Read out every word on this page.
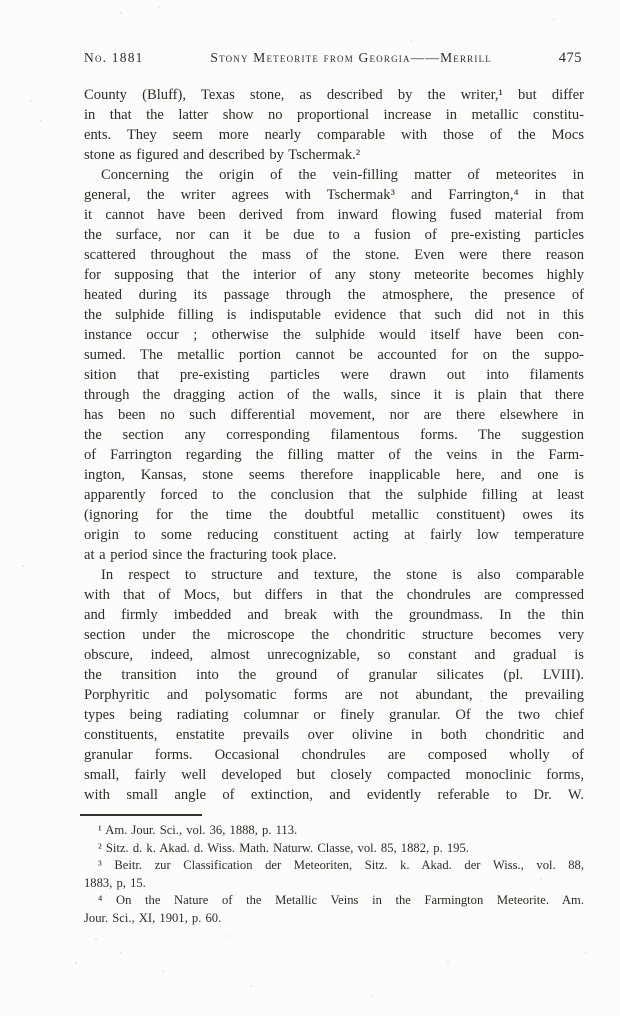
No. 1881	Stony Meteorite from Georgia——Merrill	475
County (Bluff), Texas stone, as described by the writer,¹ but differ
in that the latter show no proportional increase in metallic constitu-
ents. They seem more nearly comparable with those of the Mocs
stone as figured and described by Tschermak.²
Concerning the origin of the vein-filling matter of meteorites in
general, the writer agrees with Tschermak³ and Farrington,⁴ in that
it cannot have been derived from inward flowing fused material from
the surface, nor can it be due to a fusion of pre-existing particles
scattered throughout the mass of the stone. Even were there reason
for supposing that the interior of any stony meteorite becomes highly
heated during its passage through the atmosphere, the presence of
the sulphide filling is indisputable evidence that such did not in this
instance occur ; otherwise the sulphide would itself have been con-
sumed. The metallic portion cannot be accounted for on the suppo-
sition that pre-existing particles were drawn out into filaments
through the dragging action of the walls, since it is plain that there
has been no such differential movement, nor are there elsewhere in
the section any corresponding filamentous forms. The suggestion
of Farrington regarding the filling matter of the veins in the Farm-
ington, Kansas, stone seems therefore inapplicable here, and one is
apparently forced to the conclusion that the sulphide filling at least
(ignoring for the time the doubtful metallic constituent) owes its
origin to some reducing constituent acting at fairly low temperature
at a period since the fracturing took place.
In respect to structure and texture, the stone is also comparable
with that of Mocs, but differs in that the chondrules are compressed
and firmly imbedded and break with the groundmass. In the thin
section under the microscope the chondritic structure becomes very
obscure, indeed, almost unrecognizable, so constant and gradual is
the transition into the ground of granular silicates (pl. LVIII).
Porphyritic and polysomatic forms are not abundant, the prevailing
types being radiating columnar or finely granular. Of the two chief
constituents, enstatite prevails over olivine in both chondritic and
granular forms. Occasional chondrules are composed wholly of
small, fairly well developed but closely compacted monoclinic forms,
with small angle of extinction, and evidently referable to Dr. W.
¹ Am. Jour. Sci., vol. 36, 1888, p. 113.
² Sitz. d. k. Akad. d. Wiss. Math. Naturw. Classe, vol. 85, 1882, p. 195.
³ Beitr. zur Classification der Meteoriten, Sitz. k. Akad. der Wiss., vol. 88,
1883, p, 15.
⁴ On the Nature of the Metallic Veins in the Farmington Meteorite. Am.
Jour. Sci., XI, 1901, p. 60.
